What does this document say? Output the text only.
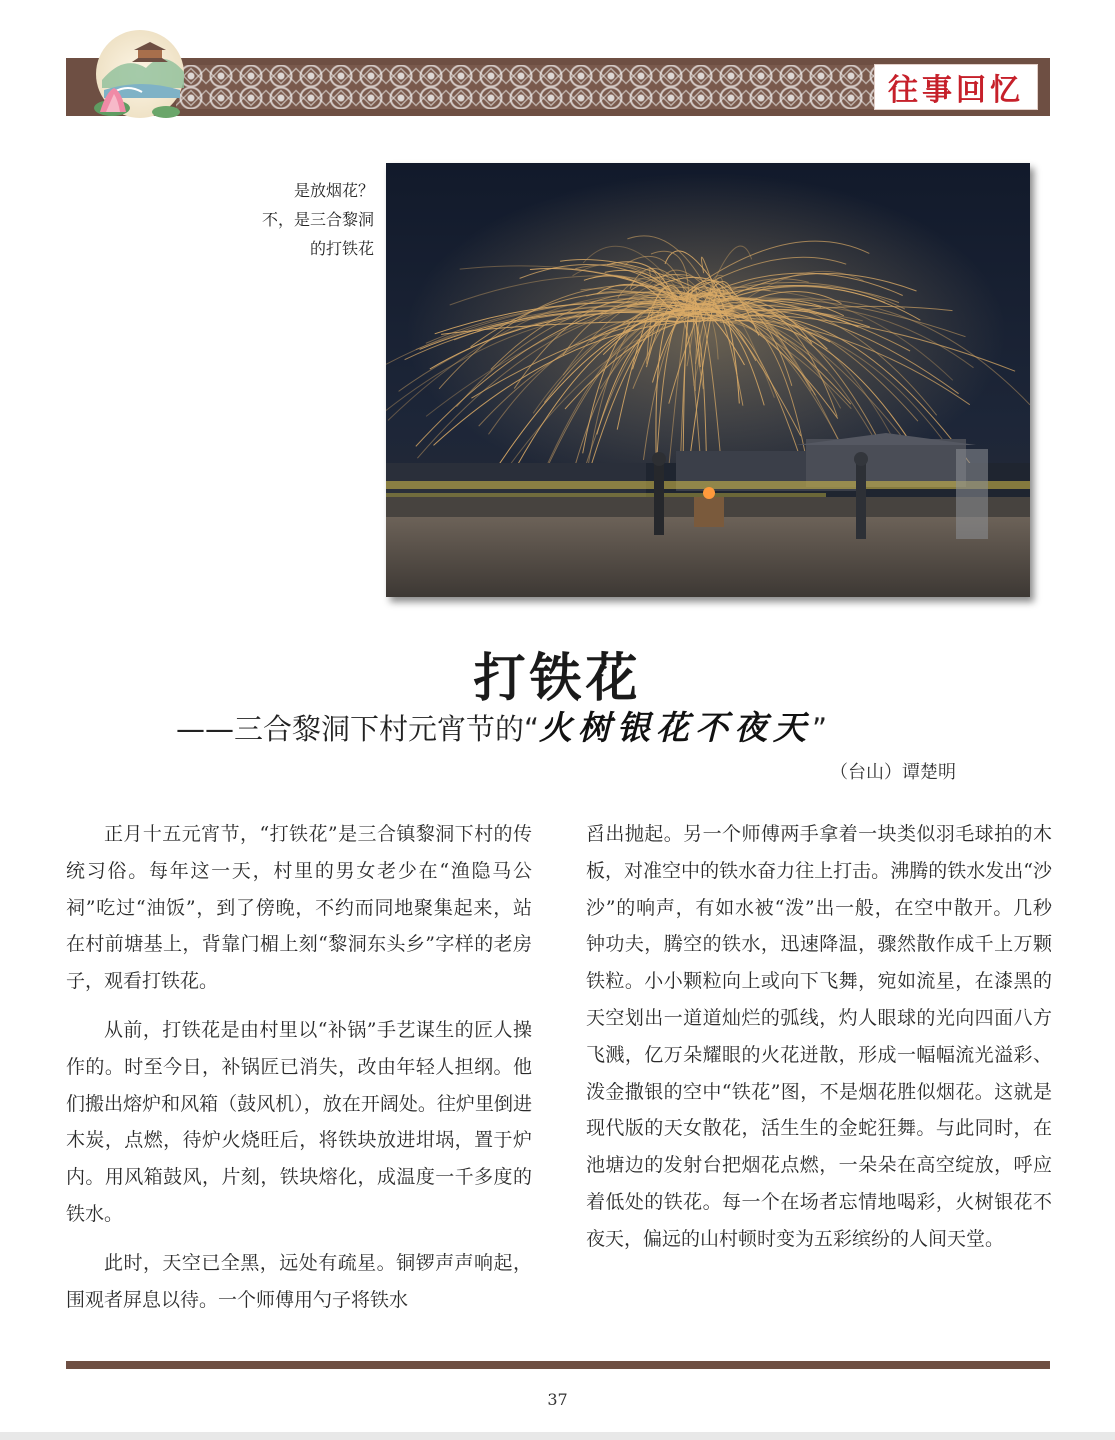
往事回忆
是放烟花？
不，是三合黎洞
的打铁花
打铁花
——三合黎洞下村元宵节的“ 火树银花不夜天 ”
（台山）谭楚明

正月十五元宵节，“打铁花”是三合镇黎洞下村的传统习俗。每年这一天，村里的男女老少在“渔隐马公祠”吃过“油饭”，到了傍晚，不约而同地聚集起来，站在村前塘基上，背靠门楣上刻“黎洞东头乡”字样的老房子，观看打铁花。

从前，打铁花是由村里以“补锅”手艺谋生的匠人操作的。时至今日，补锅匠已消失，改由年轻人担纲。他们搬出熔炉和风箱（鼓风机），放在开阔处。往炉里倒进木炭，点燃，待炉火烧旺后，将铁块放进坩埚，置于炉内。用风箱鼓风，片刻，铁块熔化，成温度一千多度的铁水。

此时，天空已全黑，远处有疏星。铜锣声声响起，围观者屏息以待。一个师傅用勺子将铁水

舀出抛起。另一个师傅两手拿着一块类似羽毛球拍的木板，对准空中的铁水奋力往上打击。沸腾的铁水发出“沙沙”的响声，有如水被“泼”出一般，在空中散开。几秒钟功夫，腾空的铁水，迅速降温，骤然散作成千上万颗铁粒。小小颗粒向上或向下飞舞，宛如流星，在漆黑的天空划出一道道灿烂的弧线，灼人眼球的光向四面八方飞溅，亿万朵耀眼的火花迸散，形成一幅幅流光溢彩、泼金撒银的空中“铁花”图，不是烟花胜似烟花。这就是现代版的天女散花，活生生的金蛇狂舞。与此同时，在池塘边的发射台把烟花点燃，一朵朵在高空绽放，呼应着低处的铁花。每一个在场者忘情地喝彩，火树银花不夜天，偏远的山村顿时变为五彩缤纷的人间天堂。

37
